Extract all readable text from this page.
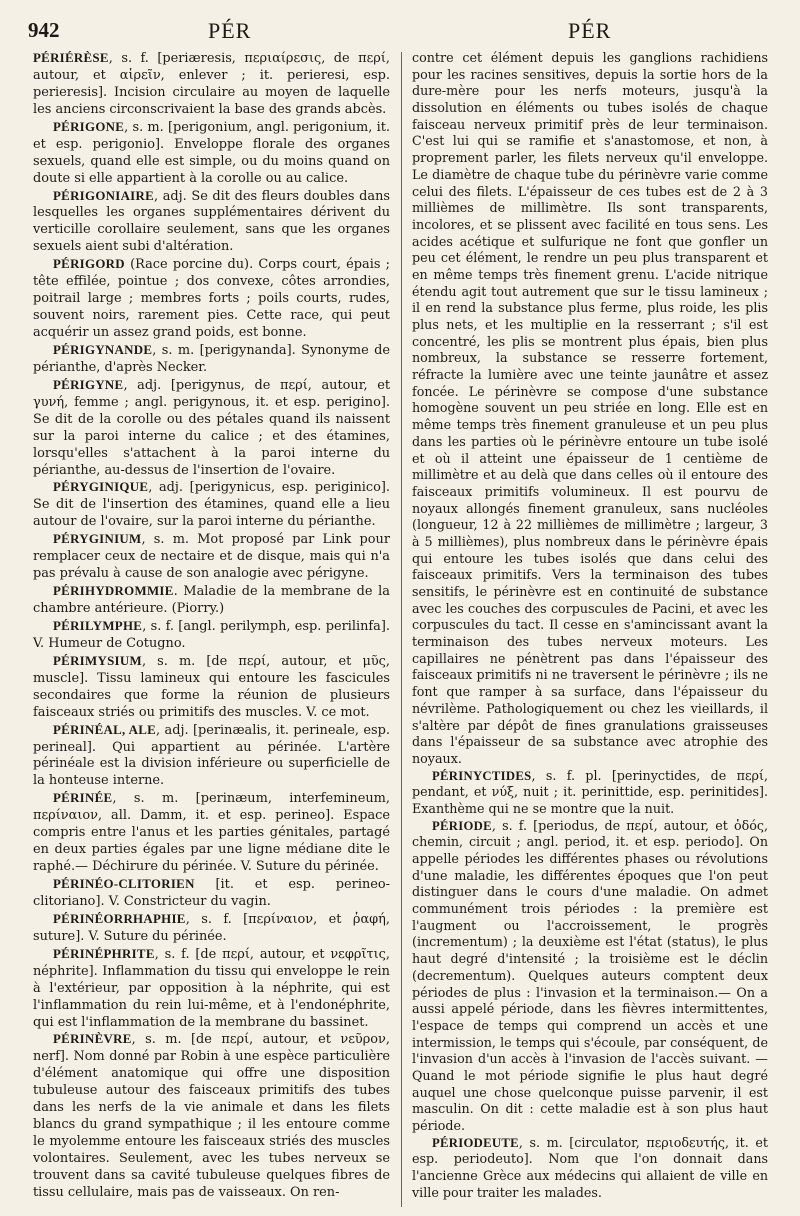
942	PÉR	PÉR

PÉRIÉRÈSE, s. f. [periæresis, περιαίρεσις, de περί, autour, et αἱρεῖν, enlever ; it. perieresi, esp. perieresis]. Incision circulaire au moyen de laquelle les anciens circonscrivaient la base des grands abcès.

PÉRIGONE, s. m. [perigonium, angl. perigonium, it. et esp. perigonio]. Enveloppe florale des organes sexuels, quand elle est simple, ou du moins quand on doute si elle appartient à la corolle ou au calice.

PÉRIGONIAIRE, adj. Se dit des fleurs doubles dans lesquelles les organes supplémentaires dérivent du verticille corollaire seulement, sans que les organes sexuels aient subi d'altération.

PÉRIGORD (Race porcine du). Corps court, épais ; tête effilée, pointue ; dos convexe, côtes arrondies, poitrail large ; membres forts ; poils courts, rudes, souvent noirs, rarement pies. Cette race, qui peut acquérir un assez grand poids, est bonne.

PÉRIGYNANDE, s. m. [perigynanda]. Synonyme de périanthe, d'après Necker.

PÉRIGYNE, adj. [perigynus, de περί, autour, et γυνή, femme ; angl. perigynous, it. et esp. perigino]. Se dit de la corolle ou des pétales quand ils naissent sur la paroi interne du calice ; et des étamines, lorsqu'elles s'attachent à la paroi interne du périanthe, au-dessus de l'insertion de l'ovaire.

PÉRYGINIQUE, adj. [perigynicus, esp. periginico]. Se dit de l'insertion des étamines, quand elle a lieu autour de l'ovaire, sur la paroi interne du périanthe.

PÉRYGINIUM, s. m. Mot proposé par Link pour remplacer ceux de nectaire et de disque, mais qui n'a pas prévalu à cause de son analogie avec périgyne.

PÉRIHYDROMMIE. Maladie de la membrane de la chambre antérieure. (Piorry.)

PÉRILYMPHE, s. f. [angl. perilymph, esp. perilinfa]. V. Humeur de Cotugno.

PÉRIMYSIUM, s. m. [de περί, autour, et μῦς, muscle]. Tissu lamineux qui entoure les fascicules secondaires que forme la réunion de plusieurs faisceaux striés ou primitifs des muscles. V. ce mot.

PÉRINÉAL, ALE, adj. [perinæalis, it. perineale, esp. perineal]. Qui appartient au périnée. L'artère périnéale est la division inférieure ou superficielle de la honteuse interne.

PÉRINÉE, s. m. [perinæum, interfemineum, περίναιον, all. Damm, it. et esp. perineo]. Espace compris entre l'anus et les parties génitales, partagé en deux parties égales par une ligne médiane dite le raphé.— Déchirure du périnée. V. Suture du périnée.

PÉRINÉO-CLITORIEN [it. et esp. perineo-clitoriano]. V. Constricteur du vagin.

PÉRINÉORRHAPHIE, s. f. [περίναιον, et ῥαφή, suture]. V. Suture du périnée.

PÉRINÉPHRITE, s. f. [de περί, autour, et νεφρῖτις, néphrite]. Inflammation du tissu qui enveloppe le rein à l'extérieur, par opposition à la néphrite, qui est l'inflammation du rein lui-même, et à l'endonéphrite, qui est l'inflammation de la membrane du bassinet.

PÉRINÈVRE, s. m. [de περί, autour, et νεῦρον, nerf]. Nom donné par Robin à une espèce particulière d'élément anatomique qui offre une disposition tubuleuse autour des faisceaux primitifs des tubes dans les nerfs de la vie animale et dans les filets blancs du grand sympathique ; il les entoure comme le myolemme entoure les faisceaux striés des muscles volontaires. Seulement, avec les tubes nerveux se trouvent dans sa cavité tubuleuse quelques fibres de tissu cellulaire, mais pas de vaisseaux. On ren-

contre cet élément depuis les ganglions rachidiens pour les racines sensitives, depuis la sortie hors de la dure-mère pour les nerfs moteurs, jusqu'à la dissolution en éléments ou tubes isolés de chaque faisceau nerveux primitif près de leur terminaison. C'est lui qui se ramifie et s'anastomose, et non, à proprement parler, les filets nerveux qu'il enveloppe. Le diamètre de chaque tube du périnèvre varie comme celui des filets. L'épaisseur de ces tubes est de 2 à 3 millièmes de millimètre. Ils sont transparents, incolores, et se plissent avec facilité en tous sens. Les acides acétique et sulfurique ne font que gonfler un peu cet élément, le rendre un peu plus transparent et en même temps très finement grenu. L'acide nitrique étendu agit tout autrement que sur le tissu lamineux ; il en rend la substance plus ferme, plus roide, les plis plus nets, et les multiplie en la resserrant ; s'il est concentré, les plis se montrent plus épais, bien plus nombreux, la substance se resserre fortement, réfracte la lumière avec une teinte jaunâtre et assez foncée. Le périnèvre se compose d'une substance homogène souvent un peu striée en long. Elle est en même temps très finement granuleuse et un peu plus dans les parties où le périnèvre entoure un tube isolé et où il atteint une épaisseur de 1 centième de millimètre et au delà que dans celles où il entoure des faisceaux primitifs volumineux. Il est pourvu de noyaux allongés finement granuleux, sans nucléoles (longueur, 12 à 22 millièmes de millimètre ; largeur, 3 à 5 millièmes), plus nombreux dans le périnèvre épais qui entoure les tubes isolés que dans celui des faisceaux primitifs. Vers la terminaison des tubes sensitifs, le périnèvre est en continuité de substance avec les couches des corpuscules de Pacini, et avec les corpuscules du tact. Il cesse en s'amincissant avant la terminaison des tubes nerveux moteurs. Les capillaires ne pénètrent pas dans l'épaisseur des faisceaux primitifs ni ne traversent le périnèvre ; ils ne font que ramper à sa surface, dans l'épaisseur du névrilème. Pathologiquement ou chez les vieillards, il s'altère par dépôt de fines granulations graisseuses dans l'épaisseur de sa substance avec atrophie des noyaux.

PÉRINYCTIDES, s. f. pl. [perinyctides, de περί, pendant, et νύξ, nuit ; it. perinittide, esp. perinitides]. Exanthème qui ne se montre que la nuit.

PÉRIODE, s. f. [periodus, de περί, autour, et ὁδός, chemin, circuit ; angl. period, it. et esp. periodo]. On appelle périodes les différentes phases ou révolutions d'une maladie, les différentes époques que l'on peut distinguer dans le cours d'une maladie. On admet communément trois périodes : la première est l'augment ou l'accroissement, le progrès (incrementum) ; la deuxième est l'état (status), le plus haut degré d'intensité ; la troisième est le déclin (decrementum). Quelques auteurs comptent deux périodes de plus : l'invasion et la terminaison.— On a aussi appelé période, dans les fièvres intermittentes, l'espace de temps qui comprend un accès et une intermission, le temps qui s'écoule, par conséquent, de l'invasion d'un accès à l'invasion de l'accès suivant. — Quand le mot période signifie le plus haut degré auquel une chose quelconque puisse parvenir, il est masculin. On dit : cette maladie est à son plus haut période.

PÉRIODEUTE, s. m. [circulator, περιοδευτής, it. et esp. periodeuto]. Nom que l'on donnait dans l'ancienne Grèce aux médecins qui allaient de ville en ville pour traiter les malades.
